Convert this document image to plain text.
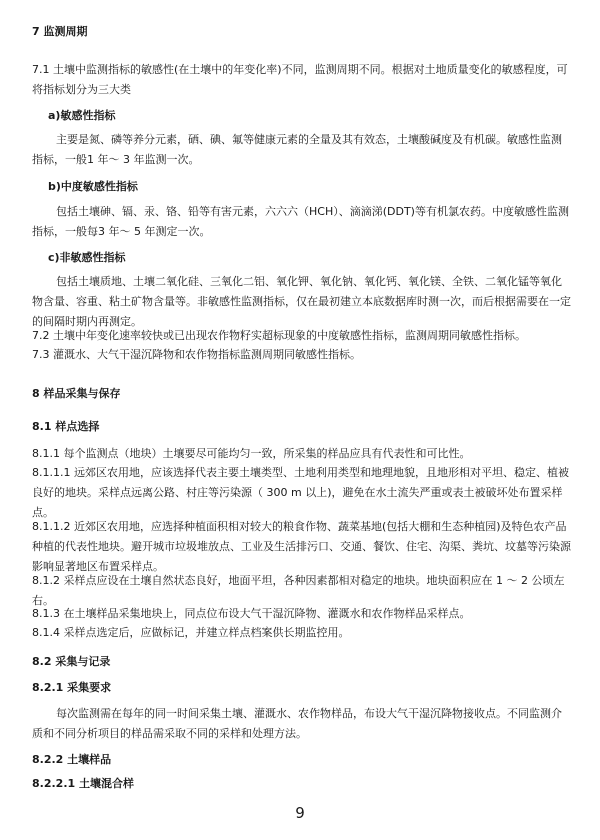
7 监测周期

7.1 土壤中监测指标的敏感性(在土壤中的年变化率)不同，监测周期不同。根据对土地质量变化的敏感程度，可将指标划分为三大类

a)敏感性指标

主要是氮、磷等养分元素，硒、碘、氟等健康元素的全量及其有效态，土壤酸碱度及有机碳。敏感性监测指标，一般1 年～ 3 年监测一次。

b)中度敏感性指标

包括土壤砷、镉、汞、铬、铅等有害元素，六六六（HCH）、滴滴涕(DDT)等有机氯农药。中度敏感性监测指标，一般每3 年～ 5 年测定一次。

c)非敏感性指标

包括土壤质地、土壤二氧化硅、三氧化二铝、氧化钾、氧化钠、氧化钙、氧化镁、全铁、二氧化锰等氧化物含量、容重、粘土矿物含量等。非敏感性监测指标，仅在最初建立本底数据库时测一次，而后根据需要在一定的间隔时期内再测定。

7.2 土壤中年变化速率较快或已出现农作物籽实超标现象的中度敏感性指标，监测周期同敏感性指标。

7.3 灌溉水、大气干湿沉降物和农作物指标监测周期同敏感性指标。

8 样品采集与保存

8.1 样点选择

8.1.1 每个监测点（地块）土壤要尽可能均匀一致，所采集的样品应具有代表性和可比性。

8.1.1.1 远郊区农用地，应该选择代表主要土壤类型、土地利用类型和地理地貌，且地形相对平坦、稳定、植被良好的地块。采样点远离公路、村庄等污染源（ 300 m 以上)，避免在水土流失严重或表土被破坏处布置采样点。

8.1.1.2 近郊区农用地，应选择种植面积相对较大的粮食作物、蔬菜基地(包括大棚和生态种植园)及特色农产品种植的代表性地块。避开城市垃圾堆放点、工业及生活排污口、交通、餐饮、住宅、沟渠、粪坑、坟墓等污染源影响显著地区布置采样点。

8.1.2 采样点应设在土壤自然状态良好，地面平坦，各种因素都相对稳定的地块。地块面积应在 1 ～ 2 公顷左右。

8.1.3 在土壤样品采集地块上，同点位布设大气干湿沉降物、灌溉水和农作物样品采样点。

8.1.4 采样点选定后，应做标记，并建立样点档案供长期监控用。

8.2 采集与记录

8.2.1 采集要求

每次监测需在每年的同一时间采集土壤、灌溉水、农作物样品，布设大气干湿沉降物接收点。不同监测介质和不同分析项目的样品需采取不同的采样和处理方法。

8.2.2 土壤样品

8.2.2.1 土壤混合样

9
